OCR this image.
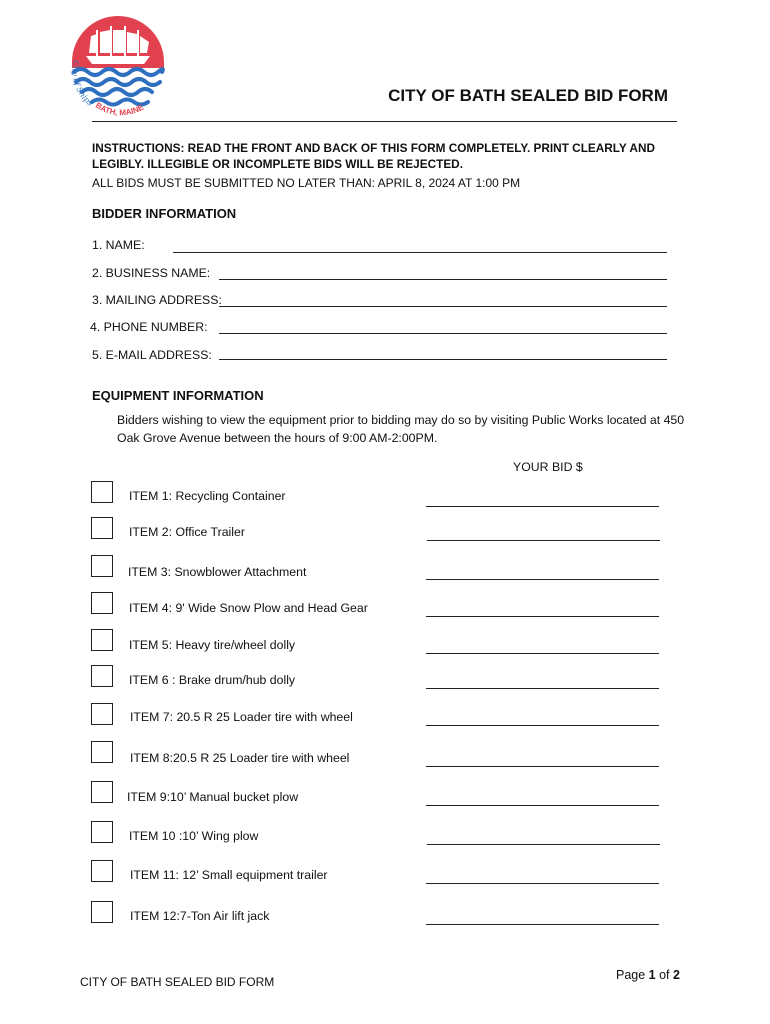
City of Ships BATH, MAINE
CITY OF BATH SEALED BID FORM
INSTRUCTIONS: READ THE FRONT AND BACK OF THIS FORM COMPLETELY. PRINT CLEARLY AND LEGIBLY. ILLEGIBLE OR INCOMPLETE BIDS WILL BE REJECTED.
ALL BIDS MUST BE SUBMITTED NO LATER THAN: APRIL 8, 2024 AT 1:00 PM
BIDDER INFORMATION
1. NAME:
2. BUSINESS NAME:
3. MAILING ADDRESS:
4. PHONE NUMBER:
5. E-MAIL ADDRESS:
EQUIPMENT INFORMATION
Bidders wishing to view the equipment prior to bidding may do so by visiting Public Works located at 450 Oak Grove Avenue between the hours of 9:00 AM-2:00PM.
YOUR BID $
ITEM 1: Recycling Container
ITEM 2: Office Trailer
ITEM 3: Snowblower Attachment
ITEM 4: 9' Wide Snow Plow and Head Gear
ITEM 5: Heavy tire/wheel dolly
ITEM 6 : Brake drum/hub dolly
ITEM 7: 20.5 R 25 Loader tire with wheel
ITEM 8:20.5 R 25 Loader tire with wheel
ITEM 9:10’ Manual bucket plow
ITEM 10 :10’ Wing plow
ITEM 11: 12’ Small equipment trailer
ITEM 12:7-Ton Air lift jack
CITY OF BATH SEALED BID FORM	Page 1 of 2
